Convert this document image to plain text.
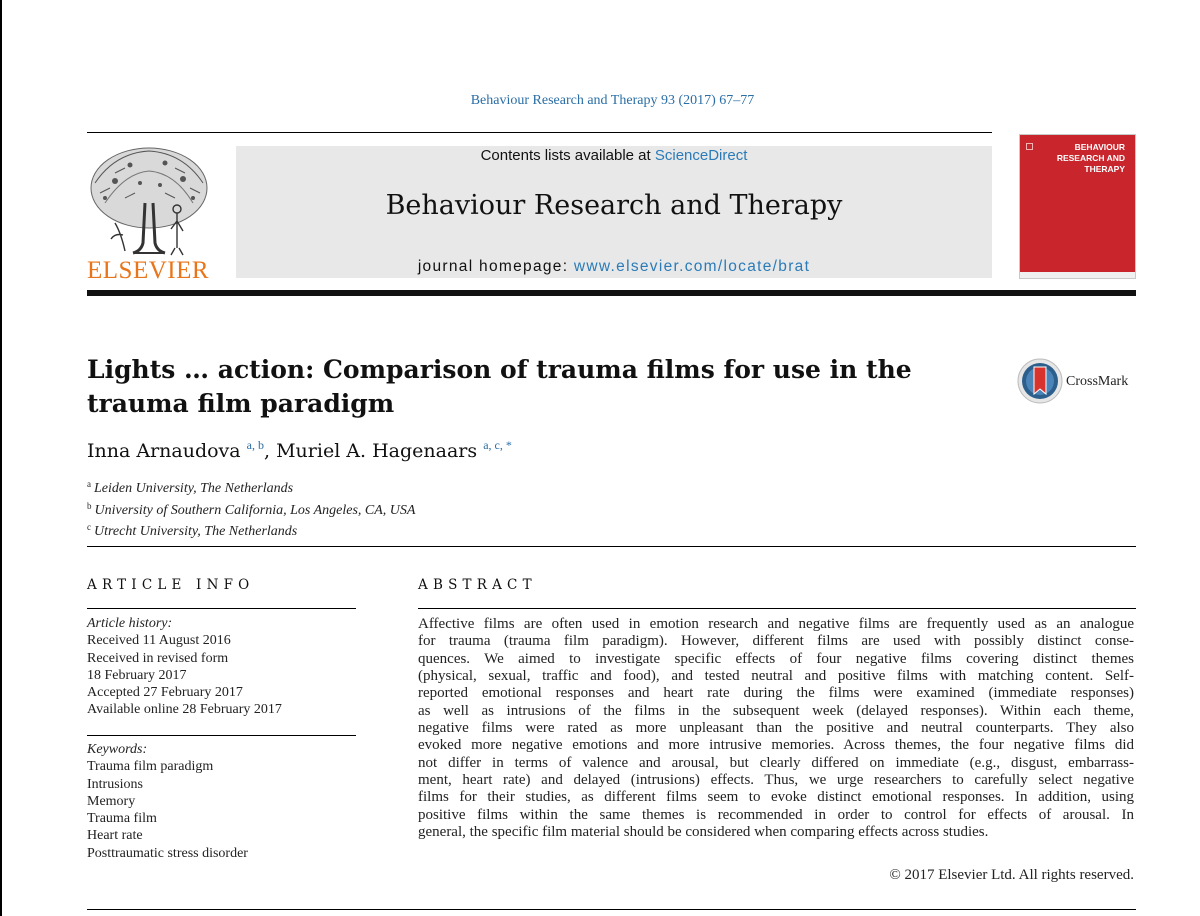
Behaviour Research and Therapy 93 (2017) 67–77
ELSEVIER
Contents lists available at ScienceDirect
Behaviour Research and Therapy
journal homepage: www.elsevier.com/locate/brat
BEHAVIOUR
RESEARCH AND
THERAPY
Lights … action: Comparison of trauma films for use in the trauma film paradigm
CrossMark
Inna Arnaudova $^{a, b}$, Muriel A. Hagenaars $^{a, c, *}$
$^a$ Leiden University, The Netherlands
$^b$ University of Southern California, Los Angeles, CA, USA
$^c$ Utrecht University, The Netherlands
ARTICLE INFO
Article history:
Received 11 August 2016
Received in revised form
18 February 2017
Accepted 27 February 2017
Available online 28 February 2017
Keywords:
Trauma film paradigm
Intrusions
Memory
Trauma film
Heart rate
Posttraumatic stress disorder
ABSTRACT
Affective films are often used in emotion research and negative films are frequently used as an analogue
for trauma (trauma film paradigm). However, different films are used with possibly distinct conse-
quences. We aimed to investigate specific effects of four negative films covering distinct themes
(physical, sexual, traffic and food), and tested neutral and positive films with matching content. Self-
reported emotional responses and heart rate during the films were examined (immediate responses)
as well as intrusions of the films in the subsequent week (delayed responses). Within each theme,
negative films were rated as more unpleasant than the positive and neutral counterparts. They also
evoked more negative emotions and more intrusive memories. Across themes, the four negative films did
not differ in terms of valence and arousal, but clearly differed on immediate (e.g., disgust, embarrass-
ment, heart rate) and delayed (intrusions) effects. Thus, we urge researchers to carefully select negative
films for their studies, as different films seem to evoke distinct emotional responses. In addition, using
positive films within the same themes is recommended in order to control for effects of arousal. In
general, the specific film material should be considered when comparing effects across studies.
© 2017 Elsevier Ltd. All rights reserved.
